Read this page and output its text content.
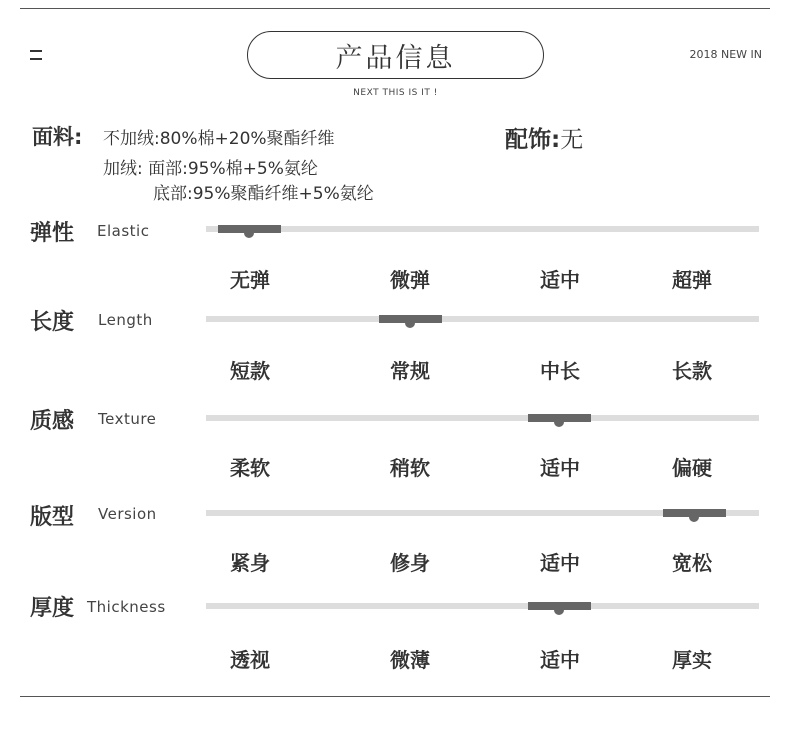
产品信息
NEXT THIS IS IT !
2018 NEW IN
面料: 不加绒:80%棉+20%聚酯纤维
加绒: 面部:95%棉+5%氨纶
底部:95%聚酯纤维+5%氨纶
配饰:无
弹性 Elastic
无弹	微弹	适中	超弹
长度 Length
短款	常规	中长	长款
质感 Texture
柔软	稍软	适中	偏硬
版型 Version
紧身	修身	适中	宽松
厚度 Thickness
透视	微薄	适中	厚实
